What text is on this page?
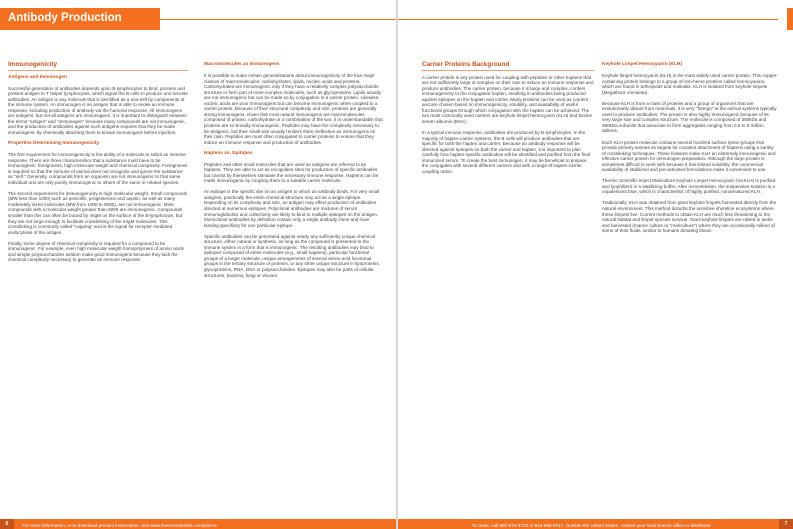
Antibody Production
Immunogenicity

Antigens and Immunogen

Successful generation of antibodies depends upon B-lymphocytes to bind, process and present antigen to T helper lymphocytes, which signal the B cells to produce and secrete antibodies. An antigen is any molecule that is identified as a non-self by components of the immune system. An immunogen is an antigen that is able to evoke an immune response, including production of antibody via the humoral response. All immunogens are antigens, but not all antigens are immunogens. It is important to distinguish between the terms "antigen" and "immunogen" because many compounds are not immunogenic, and the production of antibodies against such antigens requires that they be made immunogenic by chemically attaching them to known immunogens before injection.

Properties Determining Immunogenicity

The first requirement for immunogenicity is the ability of a molecule to solicit an immune response. There are three characteristics that a substance must have to be immunogenic: foreignness, high molecular weight and chemical complexity. Foreignness is required so that the immune of animal does not recognize and ignore the substance as "self." Generally, compounds from an organism are not immunogenic to that same individual and are only poorly immunogenic to others of the same or related species.

The second requirement for immunogenicity is high molecular weight. Small compounds (MW less than 1000) such as penicillin, progesterone and aspirin, as well as many moderately sized molecules (MW from 1000 to 6000), are not immunogenic. Most compounds with a molecular weight greater than 6000 are immunogenic. Compounds smaller than this can often be bound by mIgM on the surface of the B-lymphocyte, but they are not large enough to facilitate crosslinking of the mIgM molecules. This crosslinking is commonly called "capping" and is the signal for receptor mediated endocytosis of the antigen.

Finally, some degree of chemical complexity is required for a compound to be immunogenic. For example, even high molecular weight homopolymers of amino acids and simple polysaccharides seldom make good immunogens because they lack the chemical complexity necessary to generate an immune response.

Macromolecules as Immunogens

It is possible to make certain generalizations about immunogenicity of the four major classes of macromolecules: carbohydrates, lipids, nucleic acids and proteins. Carbohydrates are immunogenic only if they have a relatively complex polysaccharide structure or form part of more complex molecules, such as glycoproteins. Lipids usually are not immunogenic but can be made so by conjugation to a carrier protein. Likewise, nucleic acids are poor immunogens but can become immunogenic when coupled to a carrier protein. Because of their structural complexity and size, proteins are generally strong immunogens. Given that most natural immunogens are macromolecules composed of protein, carbohydrate or a combination of the two, it is understandable that proteins are so broadly immunogenic. Peptides may have the complexity necessary to be antigenic, but their small size usually renders them ineffective as immunogens on their own. Peptides are most often conjugated to carrier proteins to ensure that they induce an immune response and production of antibodies.

Haptens vs. Epitopes

Peptides and other small molecules that are used as antigens are referred to as haptens. They are able to act as recognition sites for production of specific antibodies but cannot by themselves stimulate the necessary immune response. Haptens can be made immunogenic by coupling them to a suitable carrier molecule.

An epitope is the specific site on an antigen to which an antibody binds. For very small antigens, practically the entire chemical structure may act as a single epitope. Depending on its complexity and size, an antigen may effect production of antibodies directed at numerous epitopes. Polyclonal antibodies are mixtures of serum immunoglobulins and collectively are likely to bind to multiple epitopes on the antigen. Monoclonal antibodies by definition contain only a single antibody clone and have binding specificity for one particular epitope.

Specific antibodies can be generated against nearly any sufficiently unique chemical structure, either natural or synthetic, as long as the compound is presented to the immune system in a form that is immunogenic. The resulting antibodies may bind to epitopes composed of entire molecules (e.g., small haptens), particular functional groups of a larger molecule, unique arrangements of several amino acid functional groups in the tertiary structure of proteins, or any other unique structure in lipoproteins, glycoproteins, RNA, DNA or polysaccharides. Epitopes may also be parts of cellular structures, bacteria, fungi or viruses.

6	For more information, or to download product instructions, visit www.thermoscientific.com/pierce
Carrier Proteins Background

A carrier protein is any protein used for coupling with peptides or other haptens that are not sufficiently large or complex on their own to induce an immune response and produce antibodies. The carrier protein, because it is large and complex, confers immunogenicity to the conjugated hapten, resulting in antibodies being produced against epitopes on the hapten and carrier. Many proteins can be used as carriers and are chosen based on immunogenicity, solubility, and availability of useful functional groups through which conjugation with the hapten can be achieved. The two most commonly used carriers are keyhole limpet hemocyanin (KLH) and bovine serum albumin (BSA).

In a typical immune response, antibodies are produced by B-lymphocytes. In the majority of hapten-carrier systems, the B cells will produce antibodies that are specific for both the hapten and carrier. Because an antibody response will be directed against epitopes on both the carrier and hapten, it is important to plan carefully how hapten-specific antibodies will be identified and purified from the final immunized serum. To create the best immunogen, it may be beneficial to prepare the conjugates with several different carriers and with a range of hapten:carrier coupling ratios.

Keyhole Limpet Hemocyanin (KLH)

Keyhole limpet hemocyanin (KLH) is the most widely used carrier protein. This copper-containing protein belongs to a group of non-heme proteins called hemocyanins, which are found in arthropods and mollusks. KLH is isolated from keyhole limpets (Megathura crenulata).

Because KLH is from a class of proteins and a group of organisms that are evolutionarily distant from mammals, it is very "foreign" to the animal systems typically used to produce antibodies. The protein is also highly immunogenic because of its very large size and complex structure. The molecule is composed of 350kDa and 390kDa subunits that associate to form aggregates ranging from 0.5 to 8 million daltons.

Each KLH protein molecule contains several hundred surface lysine groups that provide primary amines as targets for covalent attachment of haptens using a variety of crosslinking techniques. These features make KLH an extremely immunogenic and effective carrier protein for immunogen preparation. Although the large protein is sometimes difficult to work with because it has limited solubility, the commercial availability of stabilized and pre-activated formulations make it convenient to use.

Thermo Scientific Imject Mariculture Keyhole Limpet Hemocyanin (mcKLH) is purified and lyophilized in a stabilizing buffer. After reconstitution, the suspension-solution is a nopalescent blue, which is characteristic of highly purified, nondenatured KLH.

Traditionally, KLH was obtained from giant keyhole limpets harvested directly from the natural environment. This method disturbs the sensitive shoreline ecosystems where these limpets live. Current methods to obtain KLH are much less threatening to the natural habitat and limpet species survival. Giant keyhole limpets are raised in tanks and harvested (marine culture or "mariculture") where they are occasionally milked of some of their fluids, similar to humans donating blood.

To order, call 800-874-3723 or 815-968-0747. Outside the United States, contact your local branch office or distributor.	7
